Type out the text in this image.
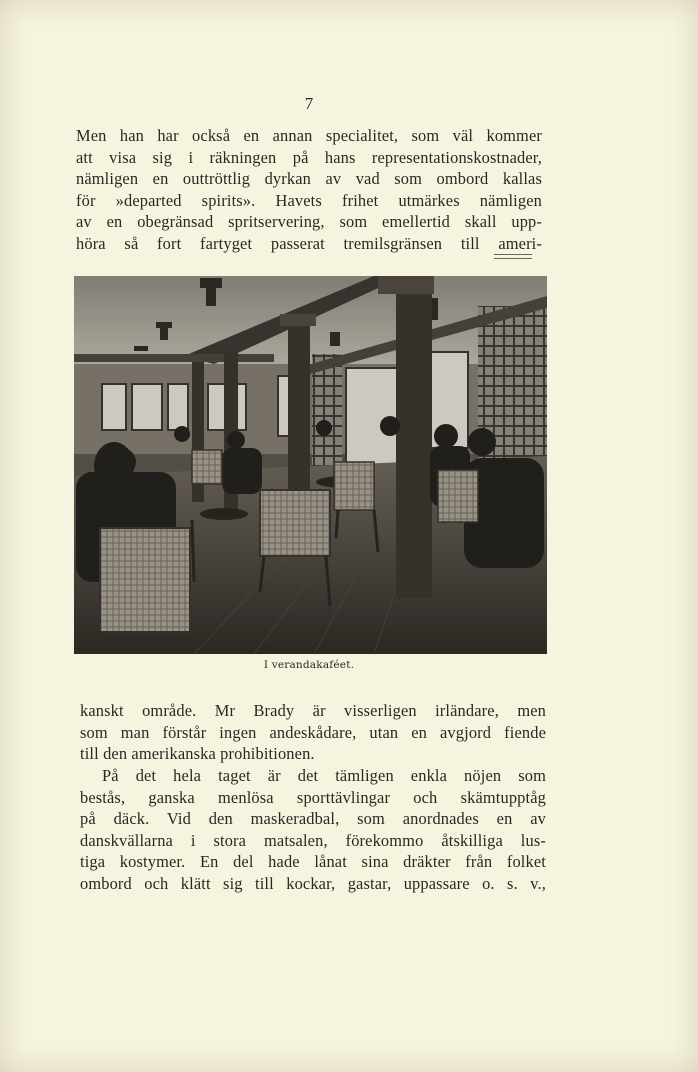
7

Men han har också en annan specialitet, som väl kommer
att visa sig i räkningen på hans representationskostnader,
nämligen en outtröttlig dyrkan av vad som ombord kallas
för »departed spirits». Havets frihet utmärkes nämligen
av en obegränsad spritservering, som emellertid skall upp-
höra så fort fartyget passerat tremilsgränsen till ameri-

I verandakaféet.

kanskt område. Mr Brady är visserligen irländare, men
som man förstår ingen andeskådare, utan en avgjord fiende
till den amerikanska prohibitionen.

På det hela taget är det tämligen enkla nöjen som
bestås, ganska menlösa sporttävlingar och skämtupptåg
på däck. Vid den maskeradbal, som anordnades en av
danskvällarna i stora matsalen, förekommo åtskilliga lus-
tiga kostymer. En del hade lånat sina dräkter från folket
ombord och klätt sig till kockar, gastar, uppassare o. s. v.,
